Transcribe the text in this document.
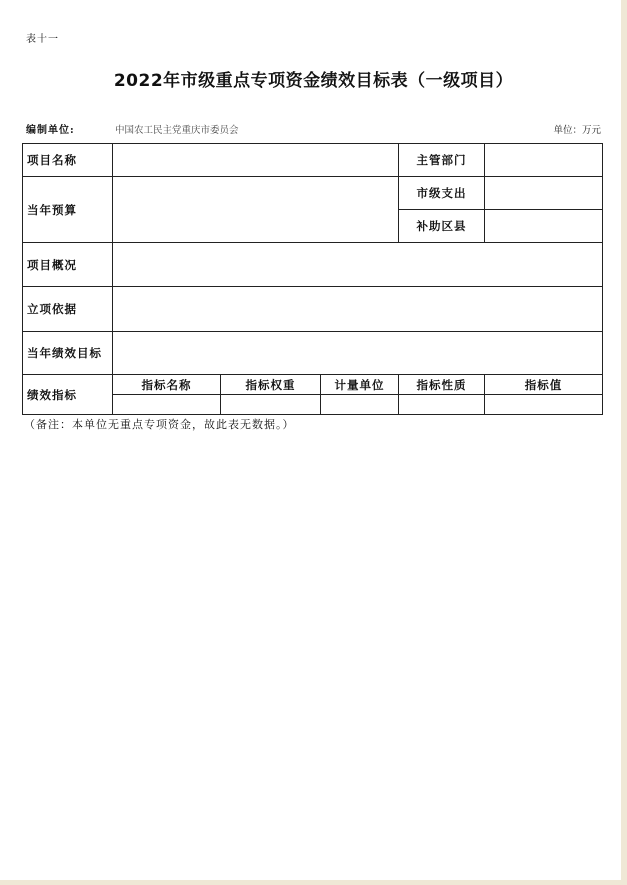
表十一
2022年市级重点专项资金绩效目标表（一级项目）
编制单位:	中国农工民主党重庆市委员会	单位：万元
项目名称				主管部门	
当年预算				市级支出	
				补助区县	
项目概况					
立项依据					
当年绩效目标					
绩效指标	指标名称	指标权重	计量单位	指标性质	指标值

（备注：本单位无重点专项资金，故此表无数据。）
